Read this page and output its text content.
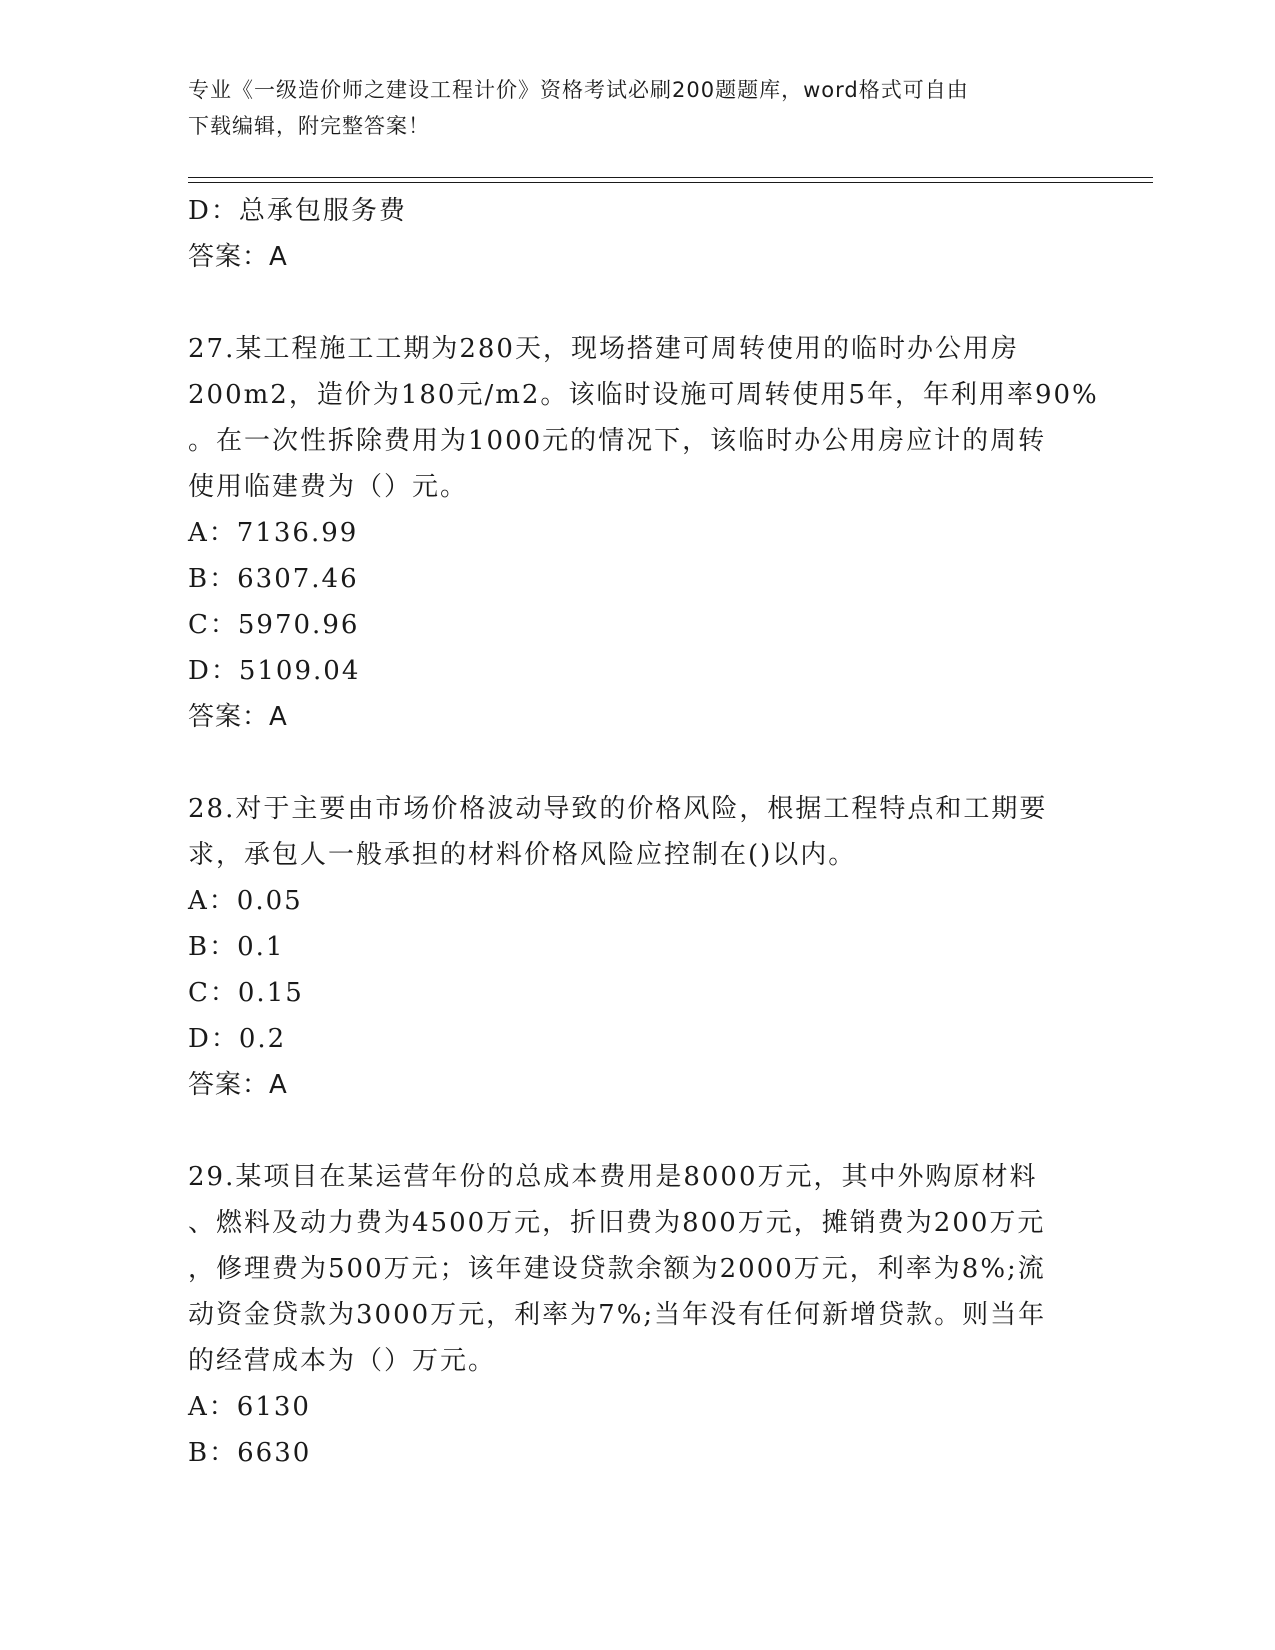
专业《一级造价师之建设工程计价》资格考试必刷200题题库，word格式可自由
下载编辑，附完整答案！
D：总承包服务费
答案：A
27.某工程施工工期为280天，现场搭建可周转使用的临时办公用房
200m2，造价为180元/m2。该临时设施可周转使用5年，年利用率90%
。在一次性拆除费用为1000元的情况下，该临时办公用房应计的周转
使用临建费为（）元。
A：7136.99
B：6307.46
C：5970.96
D：5109.04
答案：A
28.对于主要由市场价格波动导致的价格风险，根据工程特点和工期要
求，承包人一般承担的材料价格风险应控制在()以内。
A：0.05
B：0.1
C：0.15
D：0.2
答案：A
29.某项目在某运营年份的总成本费用是8000万元，其中外购原材料
、燃料及动力费为4500万元，折旧费为800万元，摊销费为200万元
，修理费为500万元；该年建设贷款余额为2000万元，利率为8%;流
动资金贷款为3000万元，利率为7%;当年没有任何新增贷款。则当年
的经营成本为（）万元。
A：6130
B：6630
